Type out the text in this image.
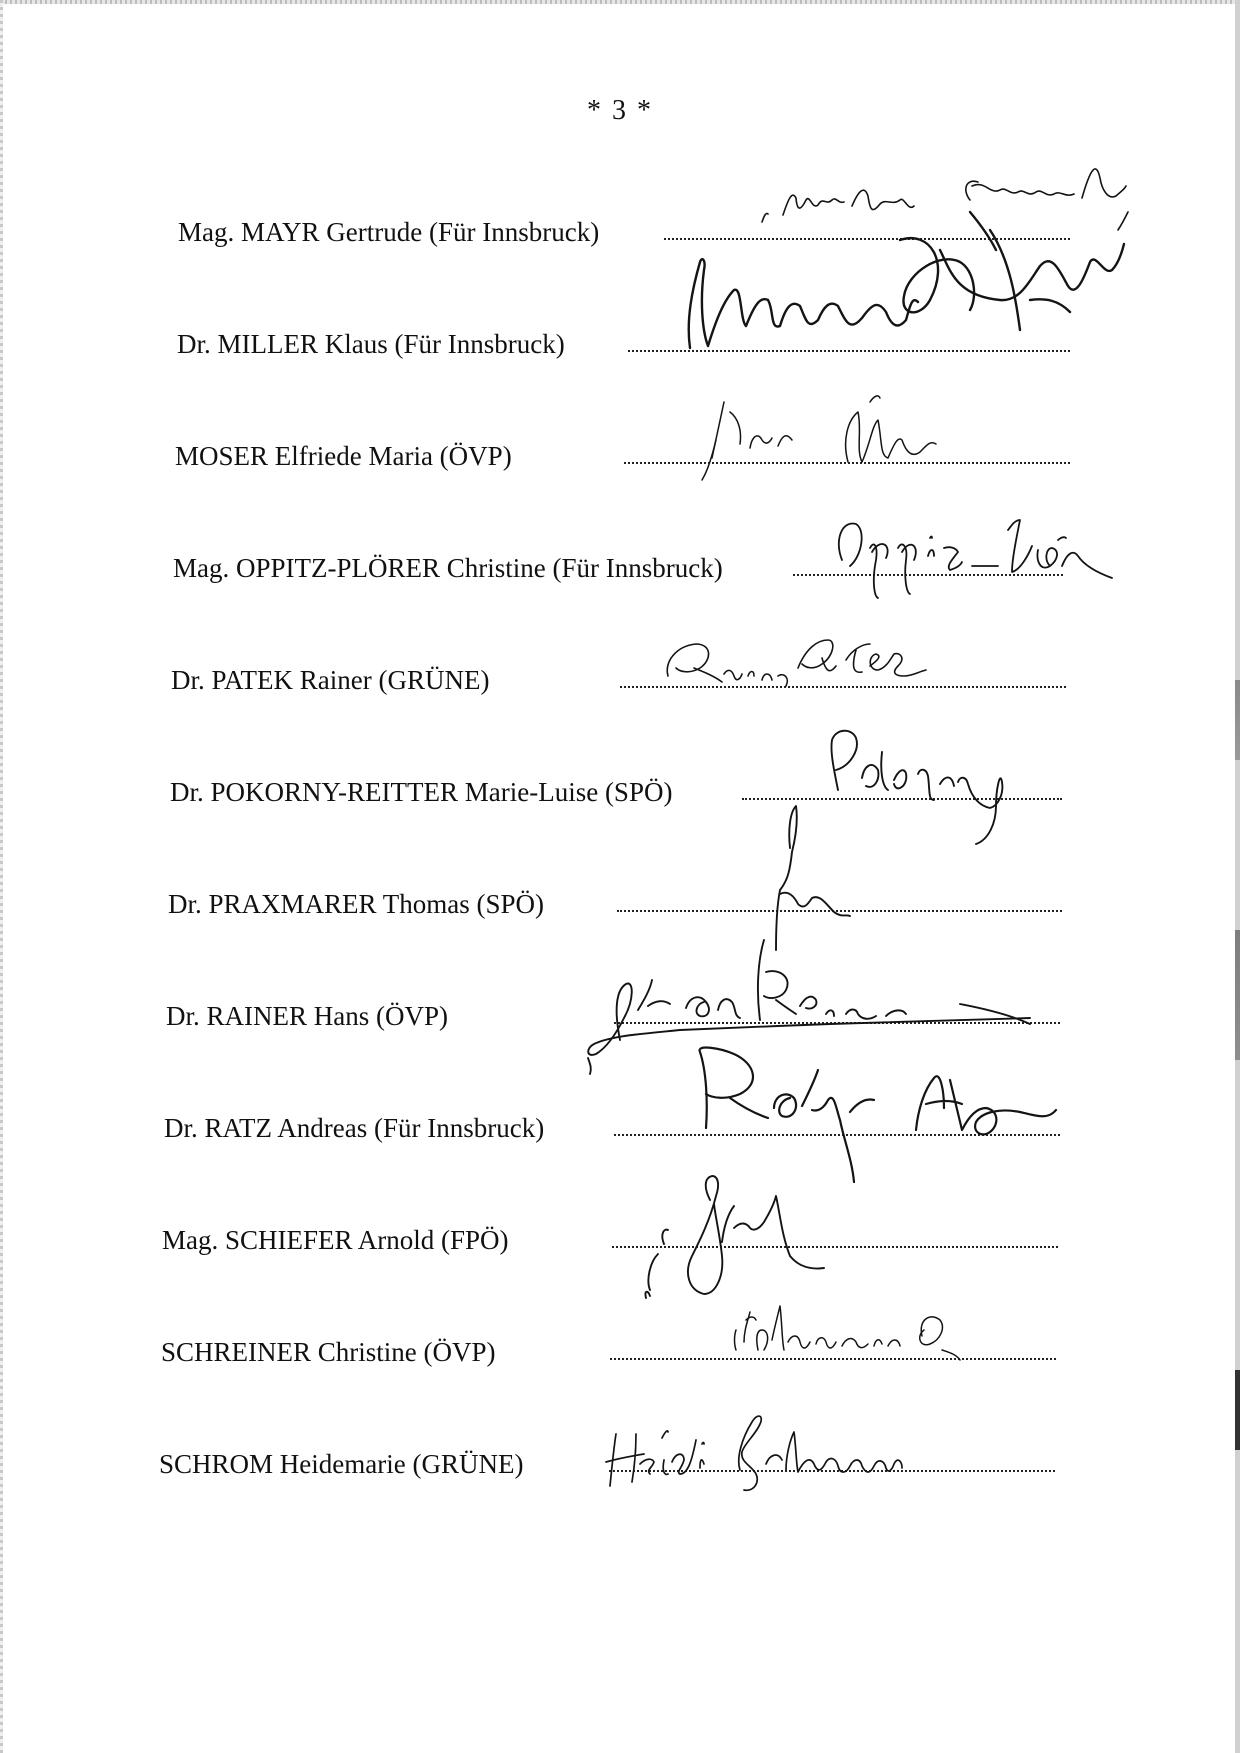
* 3 *
Mag. MAYR Gertrude (Für Innsbruck)
Dr. MILLER Klaus (Für Innsbruck)
MOSER Elfriede Maria (ÖVP)
Mag. OPPITZ-PLÖRER Christine (Für Innsbruck)
Dr. PATEK Rainer (GRÜNE)
Dr. POKORNY-REITTER Marie-Luise (SPÖ)
Dr. PRAXMARER Thomas (SPÖ)
Dr. RAINER Hans (ÖVP)
Dr. RATZ Andreas (Für Innsbruck)
Mag. SCHIEFER Arnold (FPÖ)
SCHREINER Christine (ÖVP)
SCHROM Heidemarie (GRÜNE)
